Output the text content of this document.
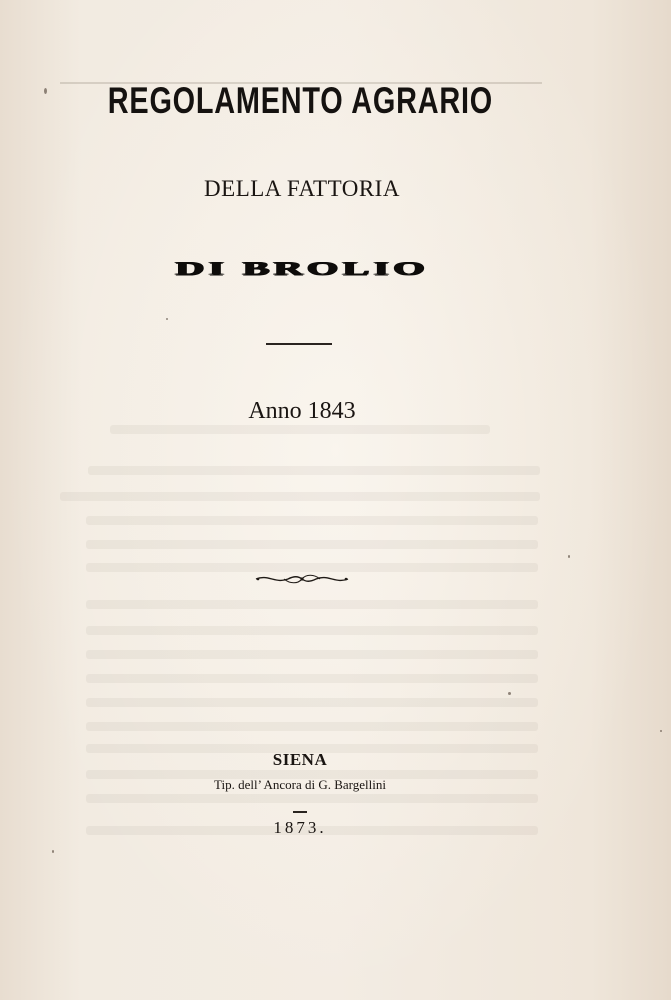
REGOLAMENTO AGRARIO
DELLA FATTORIA
DI BROLIO
Anno 1843
SIENA
Tip. dell’ Ancora di G. Bargellini
1873.
